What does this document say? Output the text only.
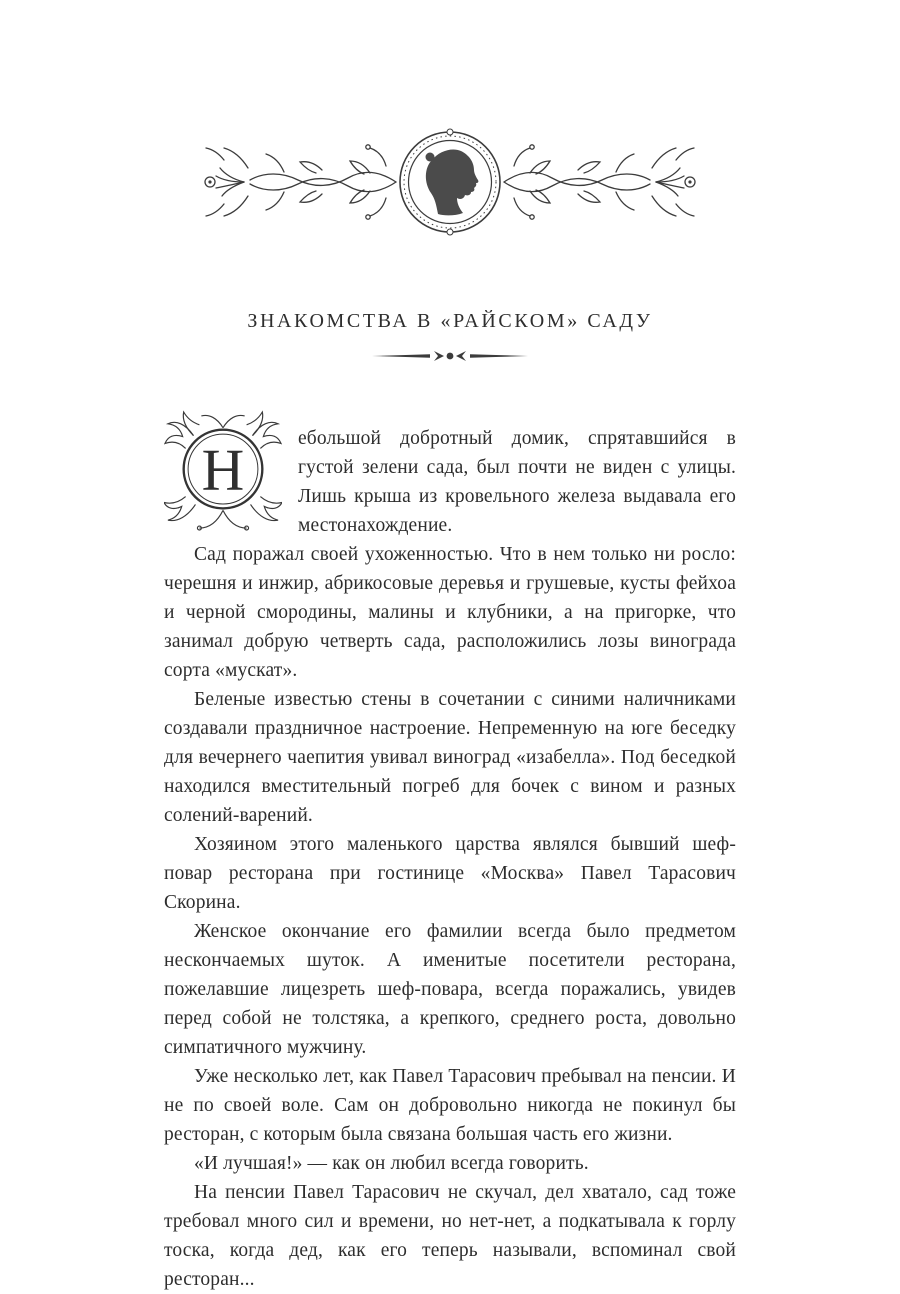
ЗНАКОМСТВА В «РАЙСКОМ» САДУ

Н	ебольшой добротный домик, спрятавшийся в густой зелени сада, был почти не виден с улицы. Лишь крыша из кровельного железа выдавала его местонахождение.

Сад поражал своей ухоженностью. Что в нем только ни росло: черешня и инжир, абрикосовые деревья и грушевые, кусты фейхоа и черной смородины, малины и клубники, а на пригорке, что занимал добрую четверть сада, расположились лозы винограда сорта «мускат».

Беленые известью стены в сочетании с синими наличниками создавали праздничное настроение. Непременную на юге беседку для вечернего чаепития увивал виноград «изабелла». Под беседкой находился вместительный погреб для бочек с вином и разных солений-варений.

Хозяином этого маленького царства являлся бывший шеф-повар ресторана при гостинице «Москва» Павел Тарасович Скорина.

Женское окончание его фамилии всегда было предметом нескончаемых шуток. А именитые посетители ресторана, пожелавшие лицезреть шеф-повара, всегда поражались, увидев перед собой не толстяка, а крепкого, среднего роста, довольно симпатичного мужчину.

Уже несколько лет, как Павел Тарасович пребывал на пенсии. И не по своей воле. Сам он добровольно никогда не покинул бы ресторан, с которым была связана большая часть его жизни.

«И лучшая!» — как он любил всегда говорить.

На пенсии Павел Тарасович не скучал, дел хватало, сад тоже требовал много сил и времени, но нет-нет, а подкатывала к горлу тоска, когда дед, как его теперь называли, вспоминал свой ресторан...
